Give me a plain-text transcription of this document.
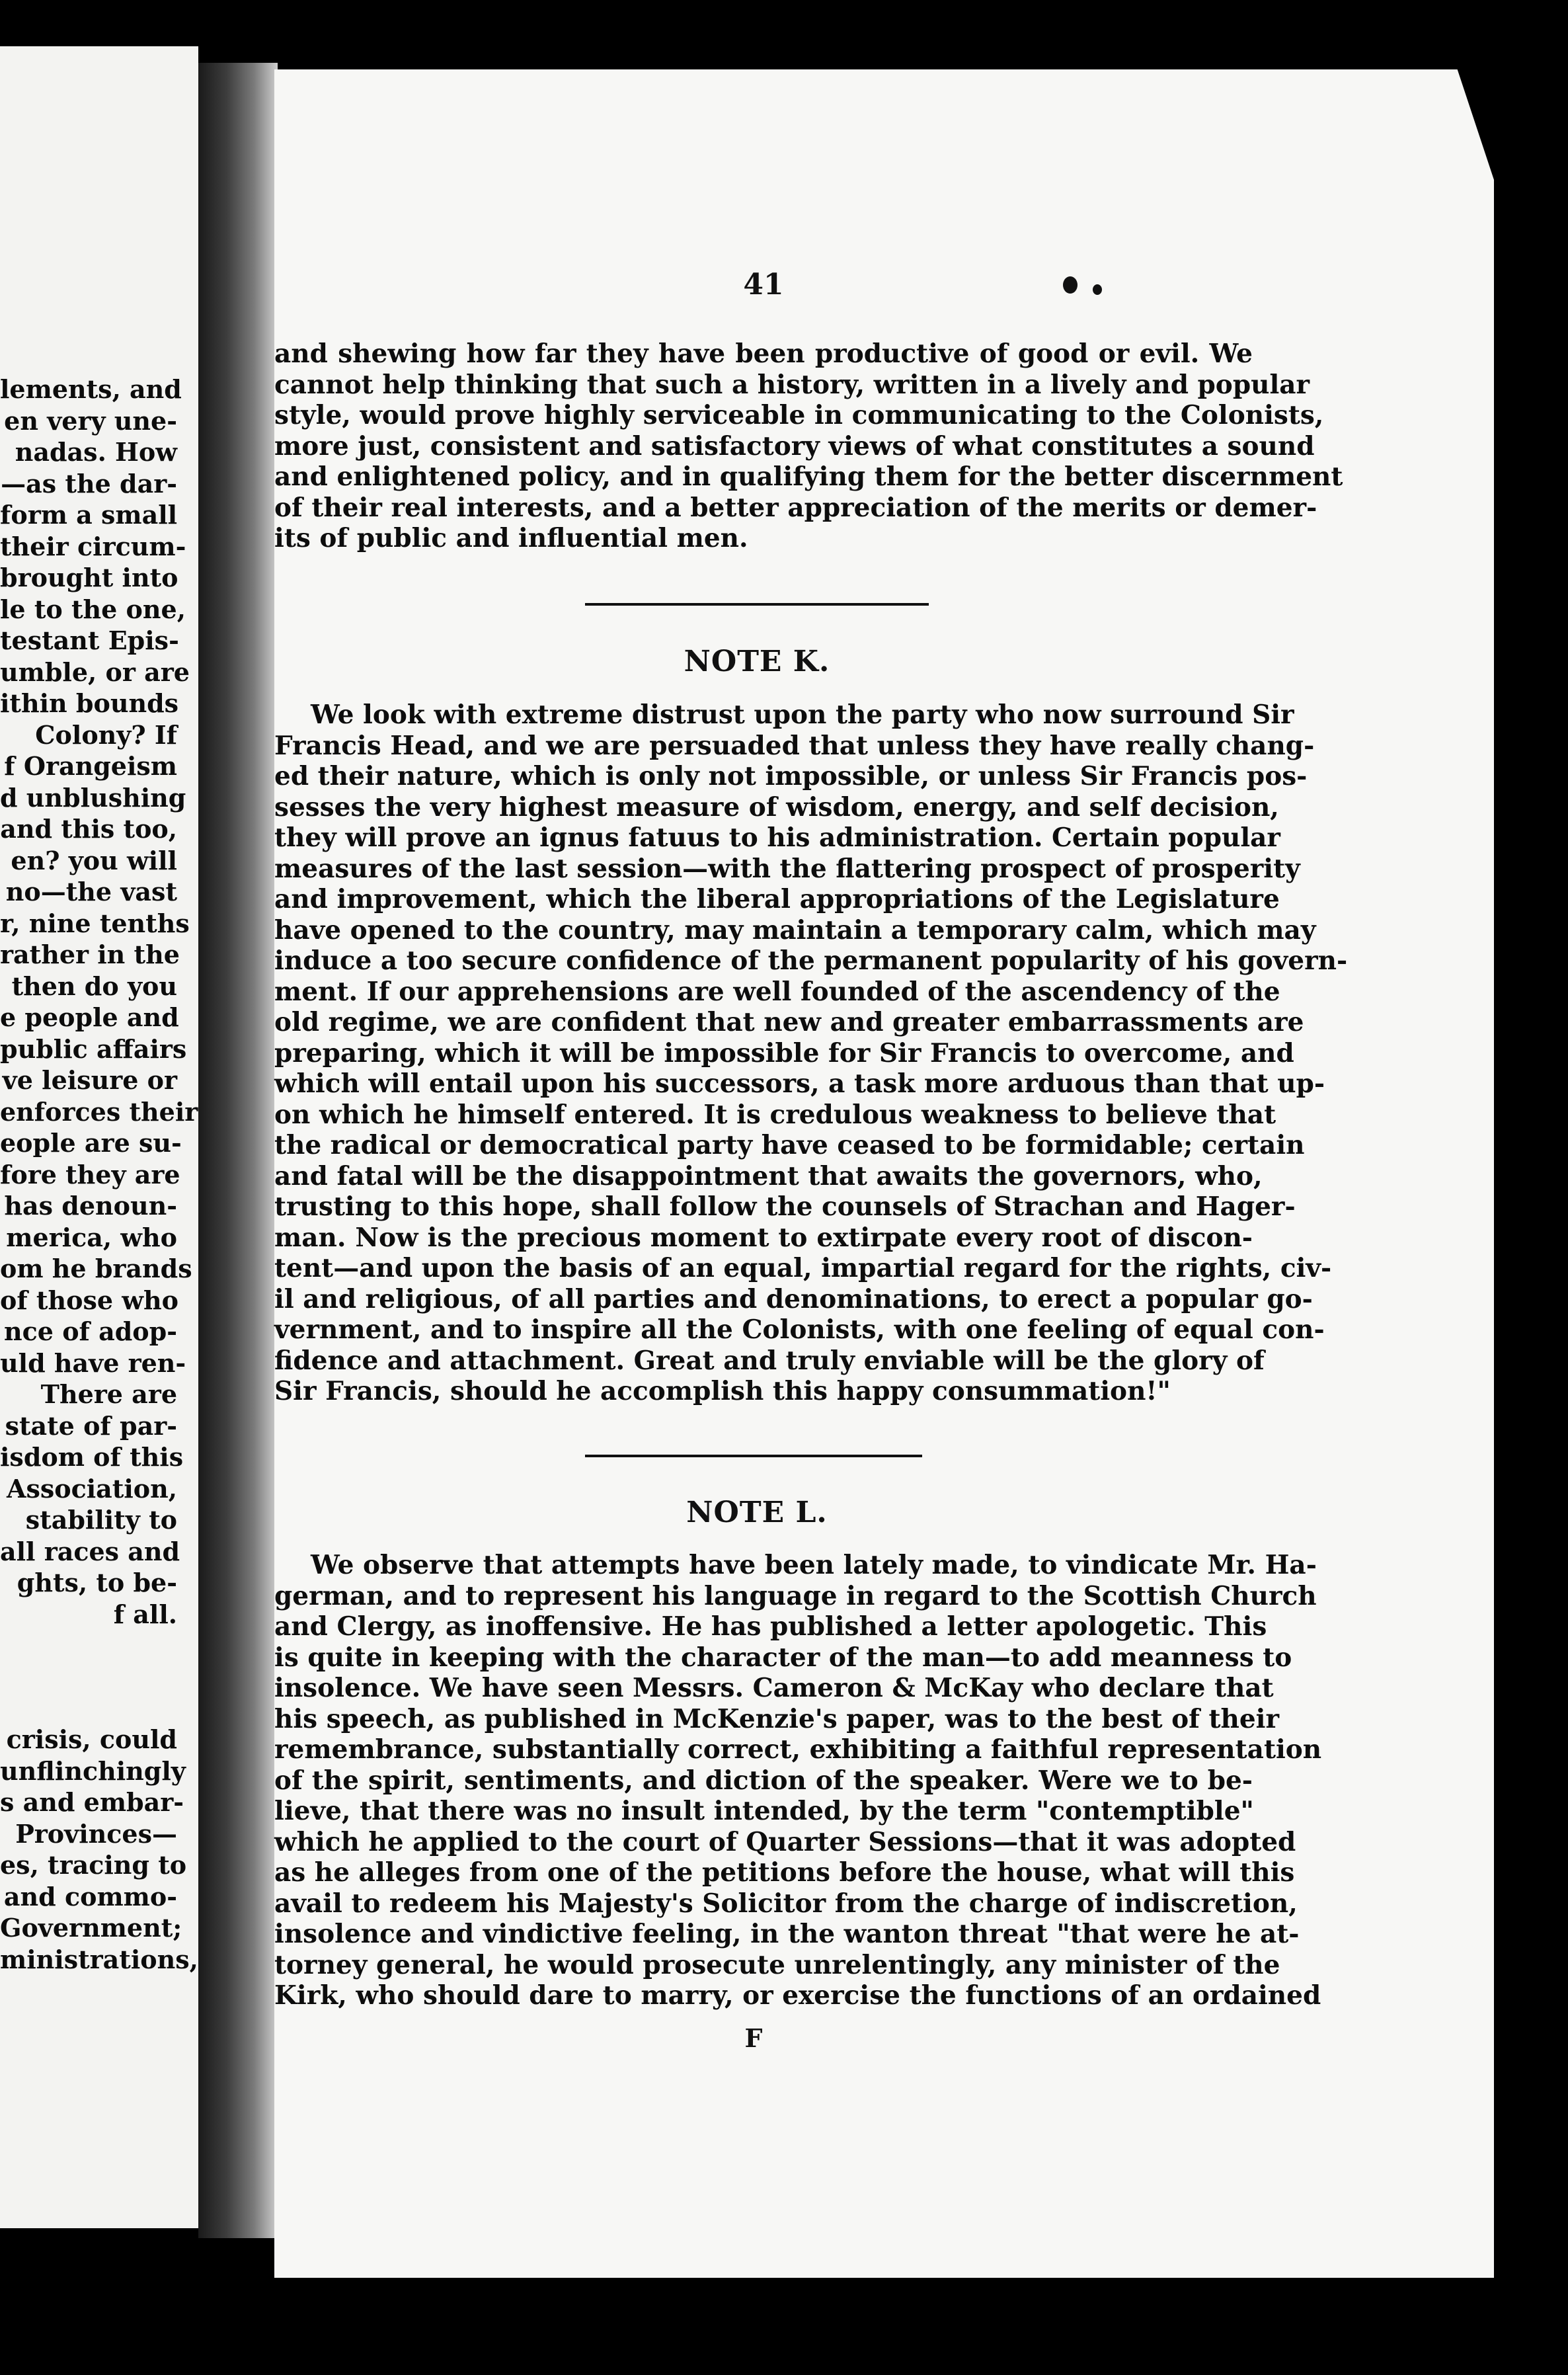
lements, and
en very une-
nadas. How
—as the dar-
form a small
their circum-
brought into
le to the one,
testant Epis-
umble, or are
ithin bounds
Colony? If
f Orangeism
d unblushing
and this too,
en? you will
no—the vast
r, nine tenths
rather in the
then do you
e people and
public affairs
ve leisure or
enforces their
eople are su-
fore they are
has denoun-
merica, who
om he brands
of those who
nce of adop-
uld have ren-
There are
state of par-
isdom of this
Association,
stability to
all races and
ghts, to be-
f all.
crisis, could
unflinchingly
s and embar-
Provinces—
es, tracing to
and commo-
Government;
ministrations,
41
and shewing how far they have been productive of good or evil. We
cannot help thinking that such a history, written in a lively and popular
style, would prove highly serviceable in communicating to the Colonists,
more just, consistent and satisfactory views of what constitutes a sound
and enlightened policy, and in qualifying them for the better discernment
of their real interests, and a better appreciation of the merits or demer-
its of public and influential men.
NOTE K.
We look with extreme distrust upon the party who now surround Sir
Francis Head, and we are persuaded that unless they have really chang-
ed their nature, which is only not impossible, or unless Sir Francis pos-
sesses the very highest measure of wisdom, energy, and self decision,
they will prove an ignus fatuus to his administration. Certain popular
measures of the last session—with the flattering prospect of prosperity
and improvement, which the liberal appropriations of the Legislature
have opened to the country, may maintain a temporary calm, which may
induce a too secure confidence of the permanent popularity of his govern-
ment. If our apprehensions are well founded of the ascendency of the
old regime, we are confident that new and greater embarrassments are
preparing, which it will be impossible for Sir Francis to overcome, and
which will entail upon his successors, a task more arduous than that up-
on which he himself entered. It is credulous weakness to believe that
the radical or democratical party have ceased to be formidable; certain
and fatal will be the disappointment that awaits the governors, who,
trusting to this hope, shall follow the counsels of Strachan and Hager-
man. Now is the precious moment to extirpate every root of discon-
tent—and upon the basis of an equal, impartial regard for the rights, civ-
il and religious, of all parties and denominations, to erect a popular go-
vernment, and to inspire all the Colonists, with one feeling of equal con-
fidence and attachment. Great and truly enviable will be the glory of
Sir Francis, should he accomplish this happy consummation!"
NOTE L.
We observe that attempts have been lately made, to vindicate Mr. Ha-
german, and to represent his language in regard to the Scottish Church
and Clergy, as inoffensive. He has published a letter apologetic. This
is quite in keeping with the character of the man—to add meanness to
insolence. We have seen Messrs. Cameron & McKay who declare that
his speech, as published in McKenzie's paper, was to the best of their
remembrance, substantially correct, exhibiting a faithful representation
of the spirit, sentiments, and diction of the speaker. Were we to be-
lieve, that there was no insult intended, by the term "contemptible"
which he applied to the court of Quarter Sessions—that it was adopted
as he alleges from one of the petitions before the house, what will this
avail to redeem his Majesty's Solicitor from the charge of indiscretion,
insolence and vindictive feeling, in the wanton threat "that were he at-
torney general, he would prosecute unrelentingly, any minister of the
Kirk, who should dare to marry, or exercise the functions of an ordained
F
